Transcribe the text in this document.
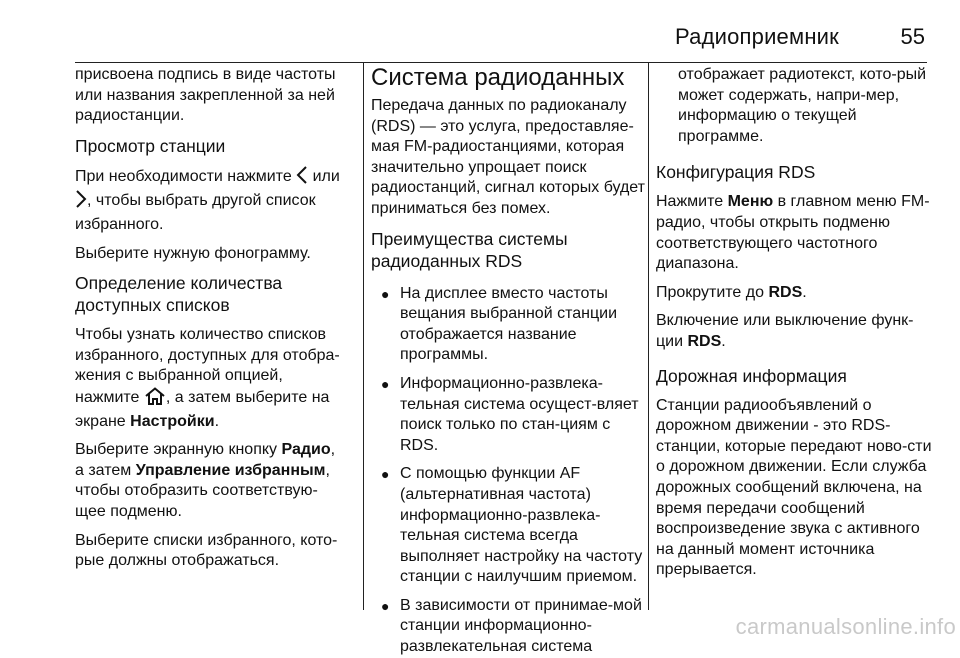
Радиоприемник	55

присвоена подпись в виде частоты или названия закрепленной за ней радиостанции.

Просмотр станции

При необходимости нажмите  или
, чтобы выбрать другой список избранного.

Выберите нужную фонограмму.

Определение количества доступных списков

Чтобы узнать количество списков избранного, доступных для отобра-жения с выбранной опцией, нажмите , а затем выберите на экране Настройки.

Выберите экранную кнопку Радио, а затем Управление избранным, чтобы отобразить соответствую-щее подменю.

Выберите списки избранного, кото-рые должны отображаться.

Система радиоданных

Передача данных по радиоканалу (RDS) — это услуга, предоставляе-мая FM-радиостанциями, которая значительно упрощает поиск радиостанций, сигнал которых будет приниматься без помех.

Преимущества системы радиоданных RDS
● На дисплее вместо частоты вещания выбранной станции отображается название программы.
● Информационно-развлека-тельная система осущест-вляет поиск только по стан-циям с RDS.
● С помощью функции AF (альтернативная частота) информационно-развлека-тельная система всегда выполняет настройку на частоту станции с наилучшим приемом.
● В зависимости от принимае-мой станции информационно-развлекательная система

отображает радиотекст, кото-рый может содержать, напри-мер, информацию о текущей программе.

Конфигурация RDS

Нажмите Меню в главном меню FM-радио, чтобы открыть подменю соответствующего частотного диапазона.

Прокрутите до RDS.

Включение или выключение функ-ции RDS.

Дорожная информация

Станции радиообъявлений о дорожном движении - это RDS-станции, которые передают ново-сти о дорожном движении. Если служба дорожных сообщений включена, на время передачи сообщений воспроизведение звука с активного на данный момент источника прерывается.

carmanualsonline.info
